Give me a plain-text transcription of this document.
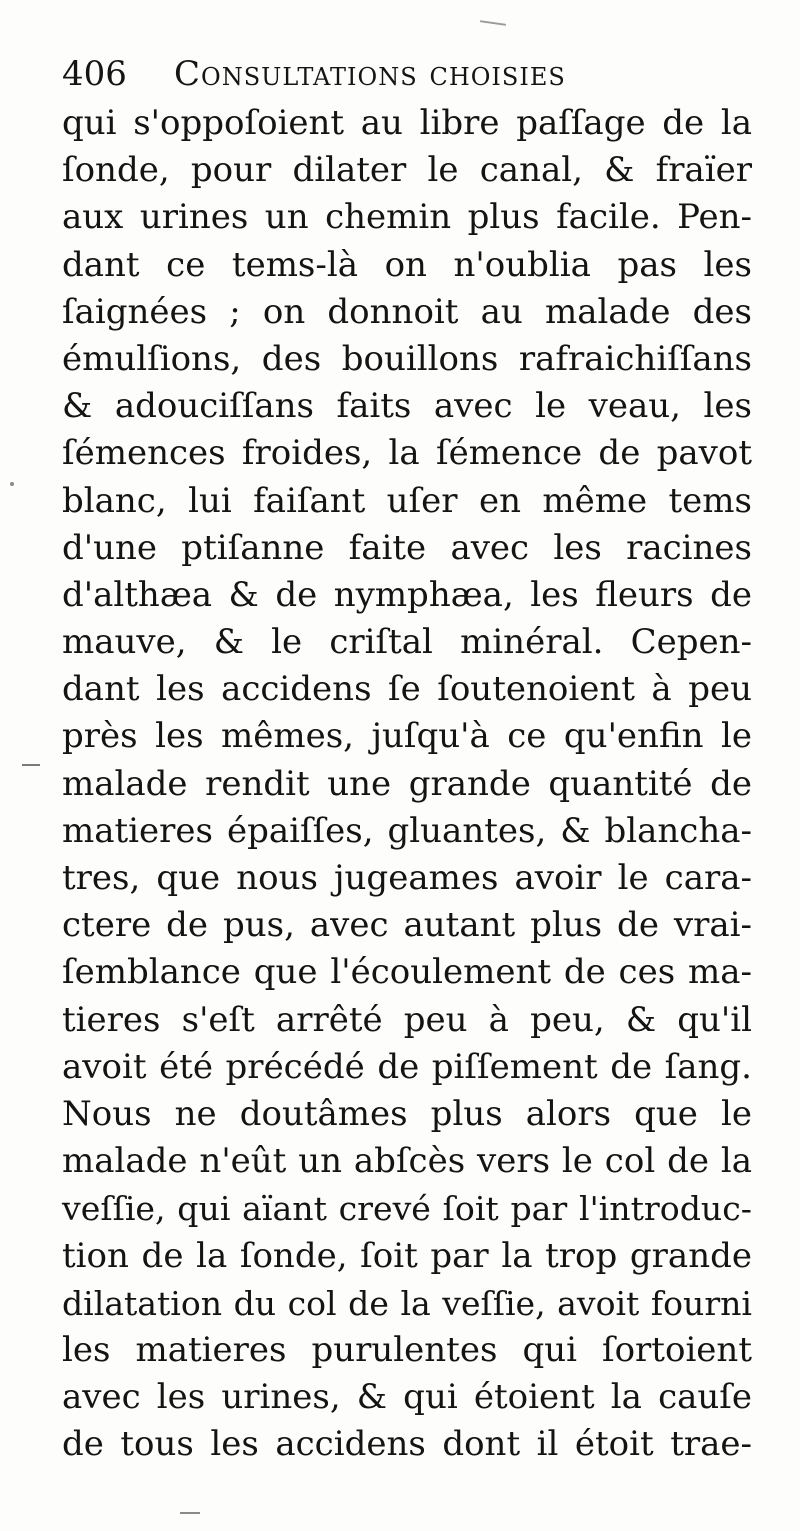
406 Consultations choisies
qui s'oppoſoient au libre paſſage de la
ſonde, pour dilater le canal, & fraïer
aux urines un chemin plus facile. Pen-
dant ce tems-là on n'oublia pas les
ſaignées ; on donnoit au malade des
émulſions, des bouillons rafraichiſſans
& adouciſſans faits avec le veau, les
ſémences froides, la ſémence de pavot
blanc, lui faiſant uſer en même tems
d'une ptiſanne faite avec les racines
d'althæa & de nymphæa, les fleurs de
mauve, & le criſtal minéral. Cepen-
dant les accidens ſe ſoutenoient à peu
près les mêmes, juſqu'à ce qu'enfin le
malade rendit une grande quantité de
matieres épaiſſes, gluantes, & blancha-
tres, que nous jugeames avoir le cara-
ctere de pus, avec autant plus de vrai-
ſemblance que l'écoulement de ces ma-
tieres s'eſt arrêté peu à peu, & qu'il
avoit été précédé de piſſement de ſang.
Nous ne doutâmes plus alors que le
malade n'eût un abſcès vers le col de la
veſſie, qui aïant crevé ſoit par l'introduc-
tion de la ſonde, ſoit par la trop grande
dilatation du col de la veſſie, avoit fourni
les matieres purulentes qui ſortoient
avec les urines, & qui étoient la cauſe
de tous les accidens dont il étoit trae-
